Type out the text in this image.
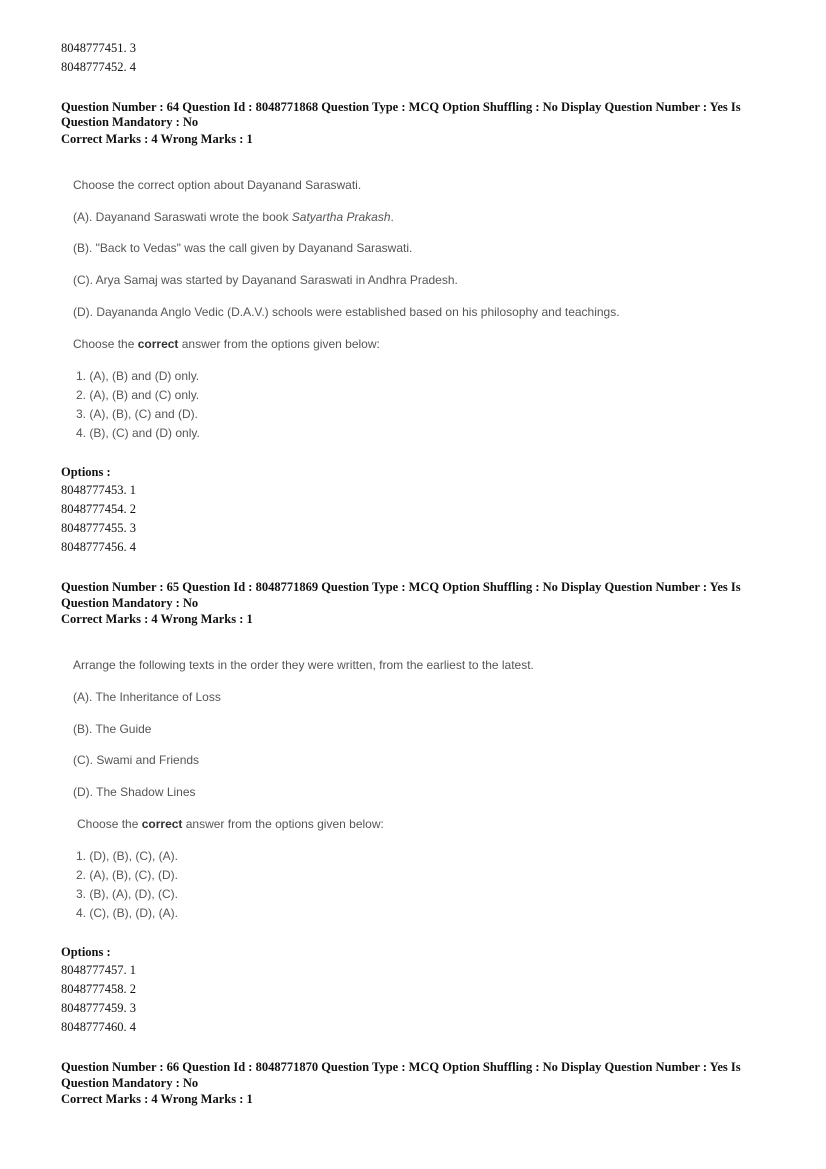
8048777451. 3
8048777452. 4
Question Number : 64 Question Id : 8048771868 Question Type : MCQ Option Shuffling : No Display Question Number : Yes Is
Question Mandatory : No
Correct Marks : 4 Wrong Marks : 1
Choose the correct option about Dayanand Saraswati.
(A). Dayanand Saraswati wrote the book Satyartha Prakash.
(B). "Back to Vedas" was the call given by Dayanand Saraswati.
(C). Arya Samaj was started by Dayanand Saraswati in Andhra Pradesh.
(D). Dayananda Anglo Vedic (D.A.V.) schools were established based on his philosophy and teachings.
Choose the correct answer from the options given below:
1. (A), (B) and (D) only.
2. (A), (B) and (C) only.
3. (A), (B), (C) and (D).
4. (B), (C) and (D) only.
Options :
8048777453. 1
8048777454. 2
8048777455. 3
8048777456. 4
Question Number : 65 Question Id : 8048771869 Question Type : MCQ Option Shuffling : No Display Question Number : Yes Is
Question Mandatory : No
Correct Marks : 4 Wrong Marks : 1
Arrange the following texts in the order they were written, from the earliest to the latest.
(A). The Inheritance of Loss
(B). The Guide
(C). Swami and Friends
(D). The Shadow Lines
Choose the correct answer from the options given below:
1. (D), (B), (C), (A).
2. (A), (B), (C), (D).
3. (B), (A), (D), (C).
4. (C), (B), (D), (A).
Options :
8048777457. 1
8048777458. 2
8048777459. 3
8048777460. 4
Question Number : 66 Question Id : 8048771870 Question Type : MCQ Option Shuffling : No Display Question Number : Yes Is
Question Mandatory : No
Correct Marks : 4 Wrong Marks : 1
